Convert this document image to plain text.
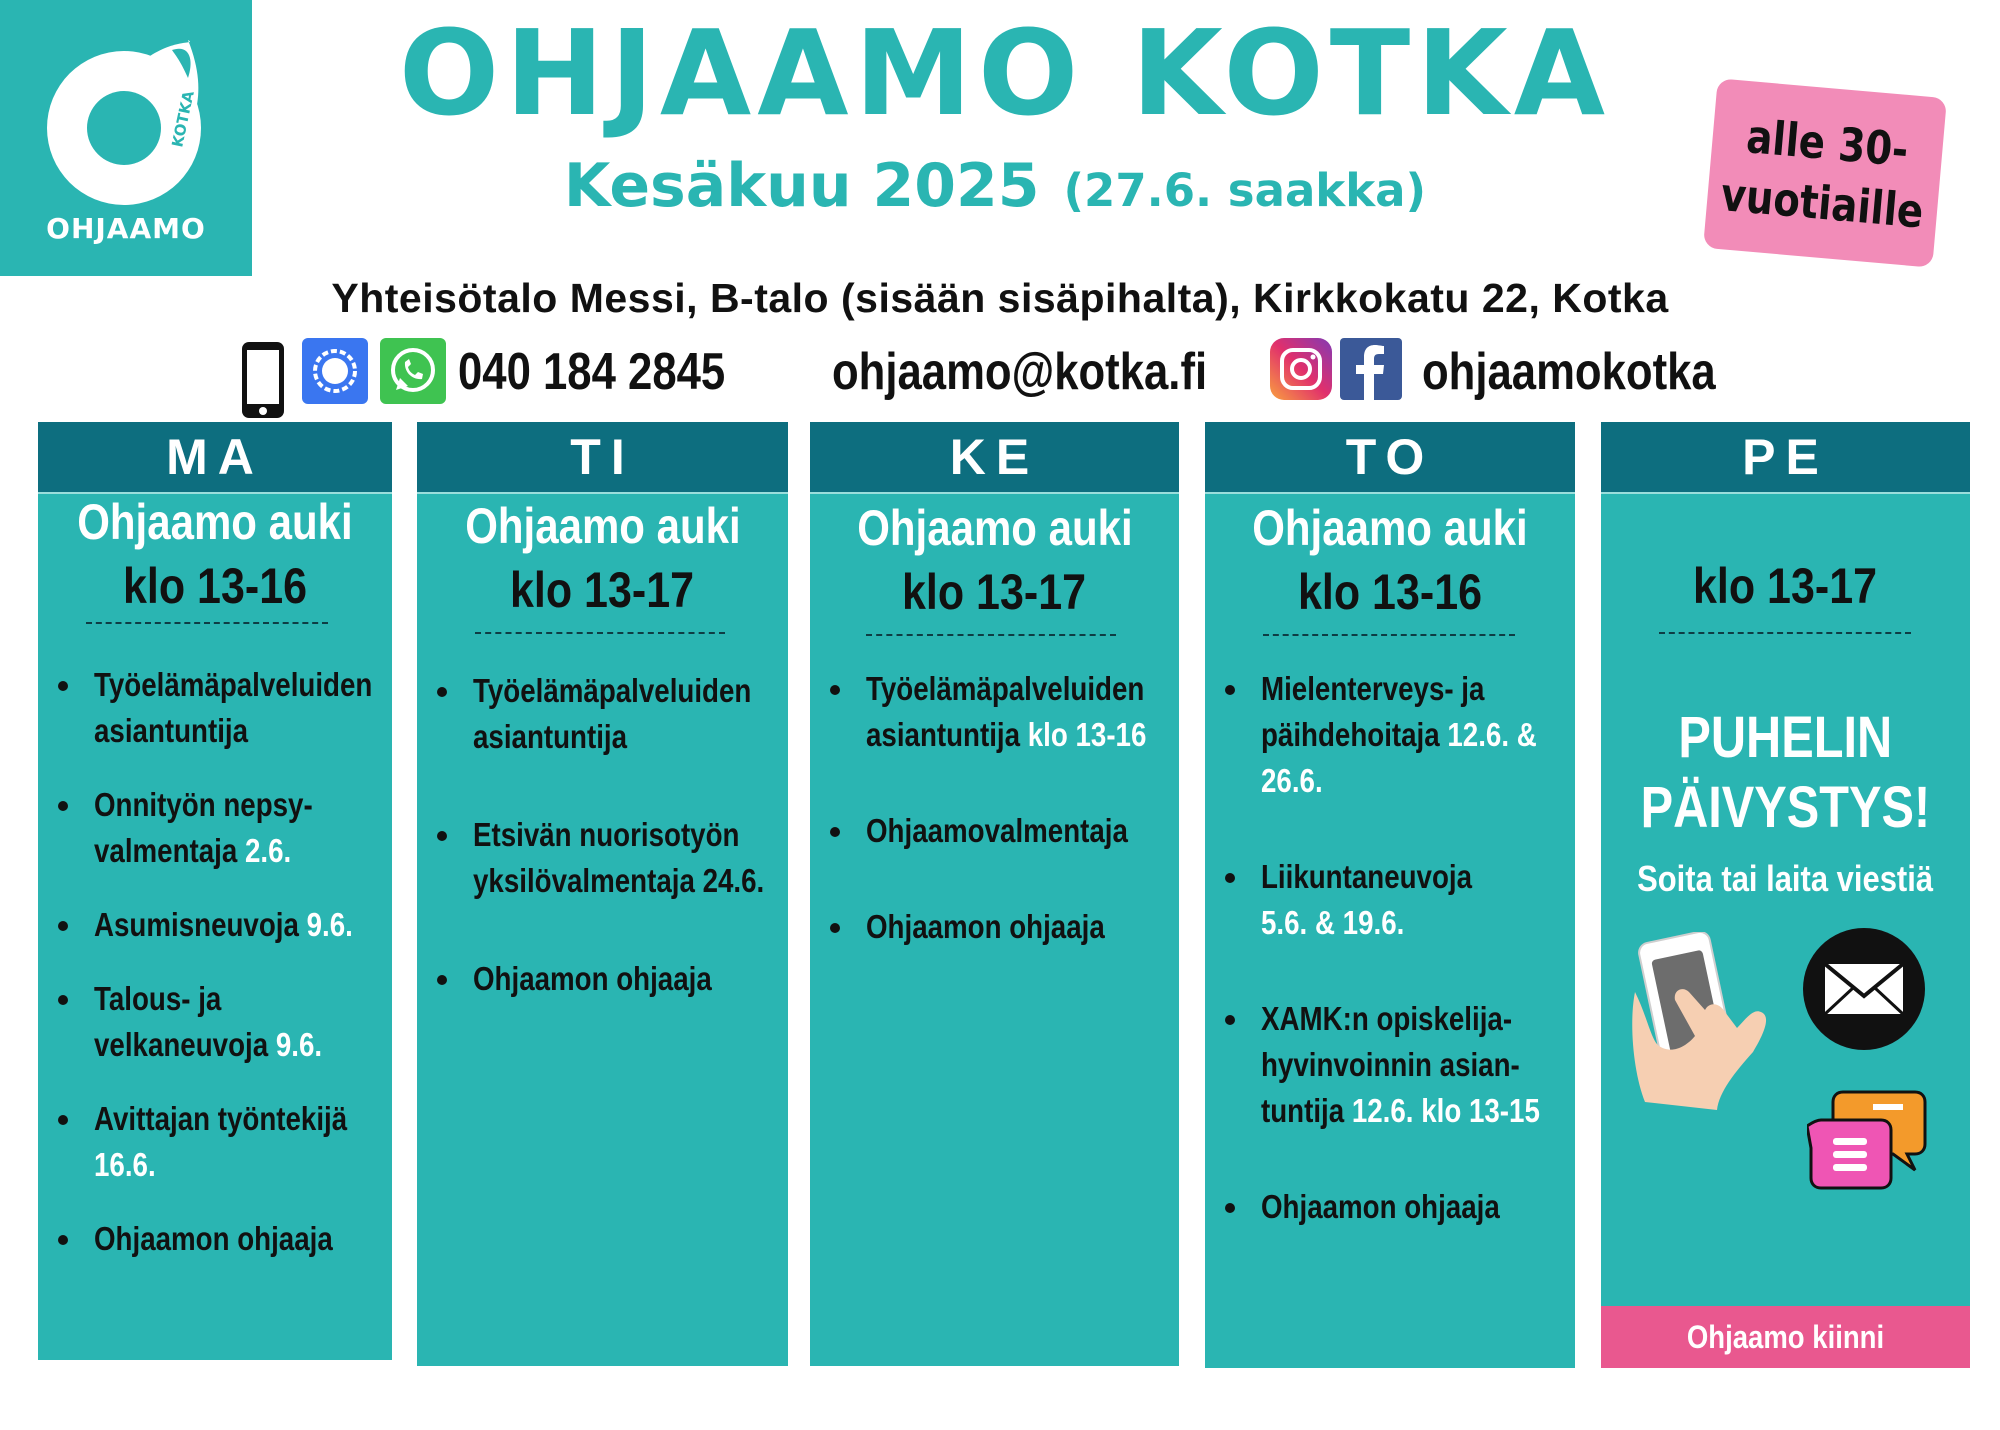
KOTKA
OHJAAMO
OHJAAMO KOTKA
Kesäkuu 2025 (27.6. saakka)
alle 30-vuotiaille
Yhteisötalo Messi, B-talo (sisään sisäpihalta), Kirkkokatu 22, Kotka
040 184 2845 ohjaamo@kotka.fi	ohjaamokotka
MA
Ohjaamo auki
klo 13-16
Työelämäpalveluiden asiantuntija
Onnityön nepsy-valmentaja 2.6.
Asumisneuvoja 9.6.
Talous- ja velkaneuvoja 9.6.
Avittajan työntekijä 16.6.
Ohjaamon ohjaaja
TI
Ohjaamo auki
klo 13-17
Työelämäpalveluiden asiantuntija
Etsivän nuorisotyön yksilövalmentaja 24.6.
Ohjaamon ohjaaja
KE
Ohjaamo auki
klo 13-17
Työelämäpalveluiden asiantuntija klo 13-16
Ohjaamovalmentaja
Ohjaamon ohjaaja
TO
Ohjaamo auki
klo 13-16
Mielenterveys- ja päihdehoitaja 12.6. & 26.6.
Liikuntaneuvoja
5.6. & 19.6.
XAMK:n opiskelija-hyvinvoinnin asian-tuntija 12.6. klo 13-15
Ohjaamon ohjaaja
PE
klo 13-17
PUHELIN
PÄIVYSTYS!
Soita tai laita viestiä
Ohjaamo kiinni 20.6.2025
